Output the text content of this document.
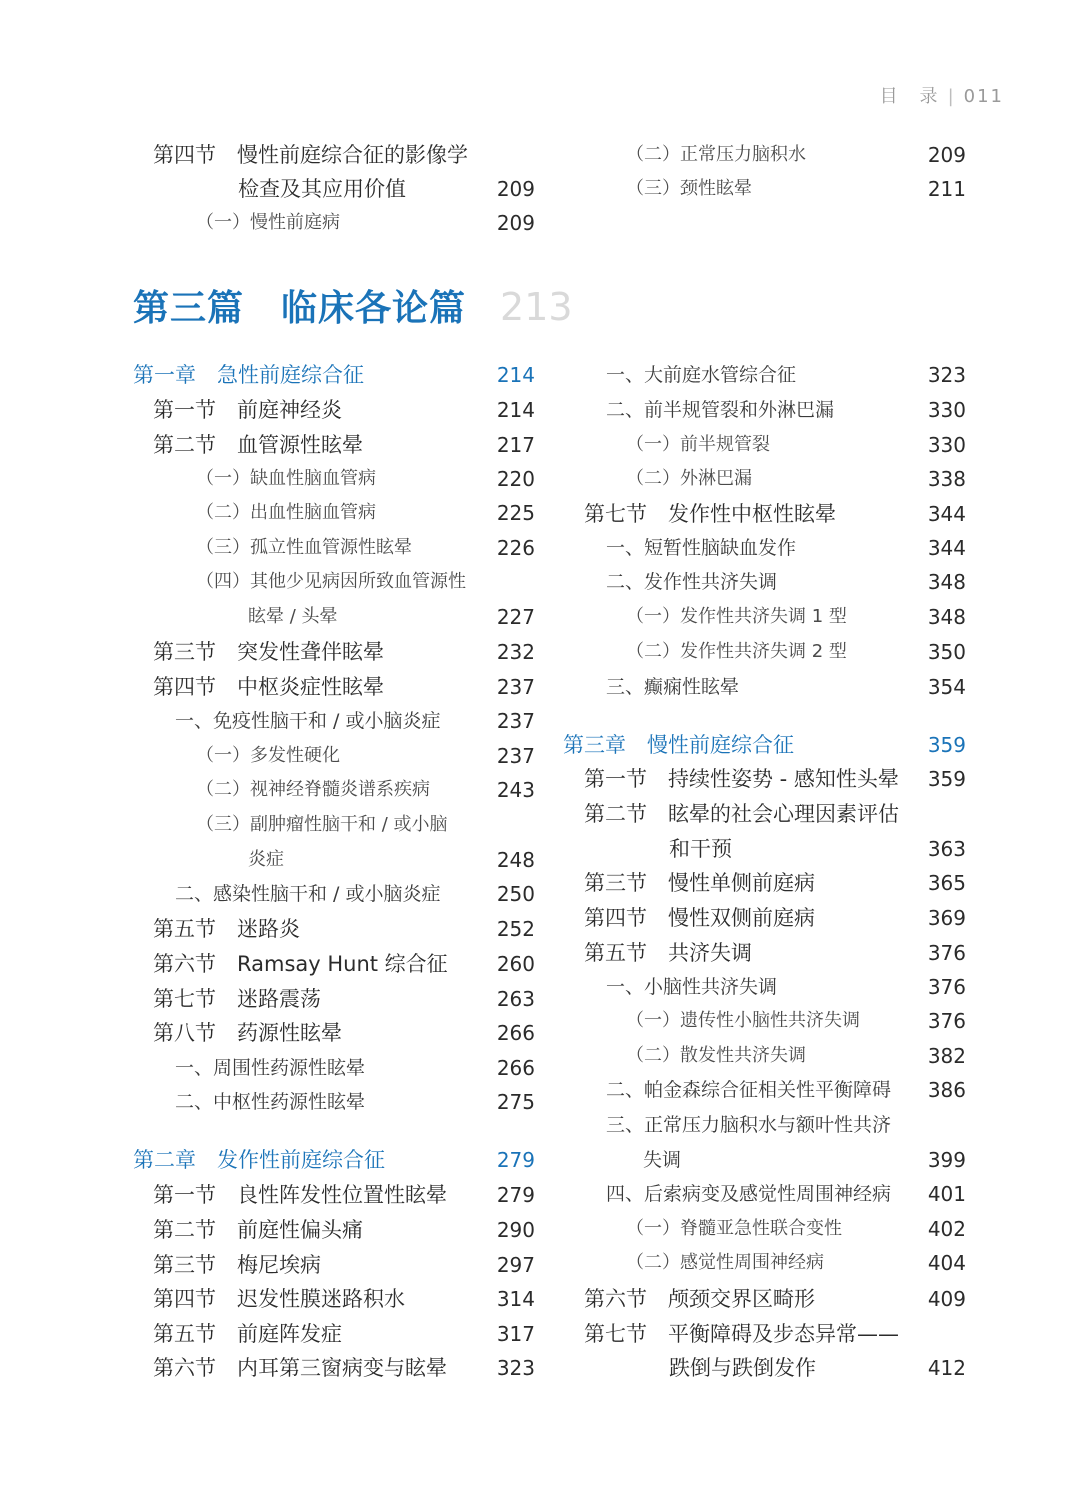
目　录 | 011
第三篇　临床各论篇 213
第四节　慢性前庭综合征的影像学
检查及其应用价值	209
（一）慢性前庭病	209
第一章　急性前庭综合征	214
第一节　前庭神经炎	214
第二节　血管源性眩晕	217
（一）缺血性脑血管病	220
（二）出血性脑血管病	225
（三）孤立性血管源性眩晕	226
（四）其他少见病因所致血管源性
眩晕 / 头晕	227
第三节　突发性聋伴眩晕	232
第四节　中枢炎症性眩晕	237
一、免疫性脑干和 / 或小脑炎症	237
（一）多发性硬化	237
（二）视神经脊髓炎谱系疾病	243
（三）副肿瘤性脑干和 / 或小脑
炎症	248
二、感染性脑干和 / 或小脑炎症	250
第五节　迷路炎	252
第六节　Ramsay Hunt 综合征 260
第七节　迷路震荡	263
第八节　药源性眩晕	266
一、周围性药源性眩晕	266
二、中枢性药源性眩晕	275
第二章　发作性前庭综合征	279
第一节　良性阵发性位置性眩晕 279
第二节　前庭性偏头痛	290
第三节　梅尼埃病	297
第四节　迟发性膜迷路积水	314
第五节　前庭阵发症	317
第六节　内耳第三窗病变与眩晕 323
（二）正常压力脑积水	209
（三）颈性眩晕	211
一、大前庭水管综合征	323
二、前半规管裂和外淋巴漏	330
（一）前半规管裂	330
（二）外淋巴漏	338
第七节　发作性中枢性眩晕	344
一、短暂性脑缺血发作	344
二、发作性共济失调	348
（一）发作性共济失调 1 型	348
（二）发作性共济失调 2 型	350
三、癫痫性眩晕	354
第三章　慢性前庭综合征	359
第一节　持续性姿势 - 感知性头晕 359
第二节　眩晕的社会心理因素评估
和干预	363
第三节　慢性单侧前庭病	365
第四节　慢性双侧前庭病	369
第五节　共济失调	376
一、小脑性共济失调	376
（一）遗传性小脑性共济失调	376
（二）散发性共济失调	382
二、帕金森综合征相关性平衡障碍 386
三、正常压力脑积水与额叶性共济
失调	399
四、后索病变及感觉性周围神经病 401
（一）脊髓亚急性联合变性	402
（二）感觉性周围神经病	404
第六节　颅颈交界区畸形	409
第七节　平衡障碍及步态异常——
跌倒与跌倒发作	412
